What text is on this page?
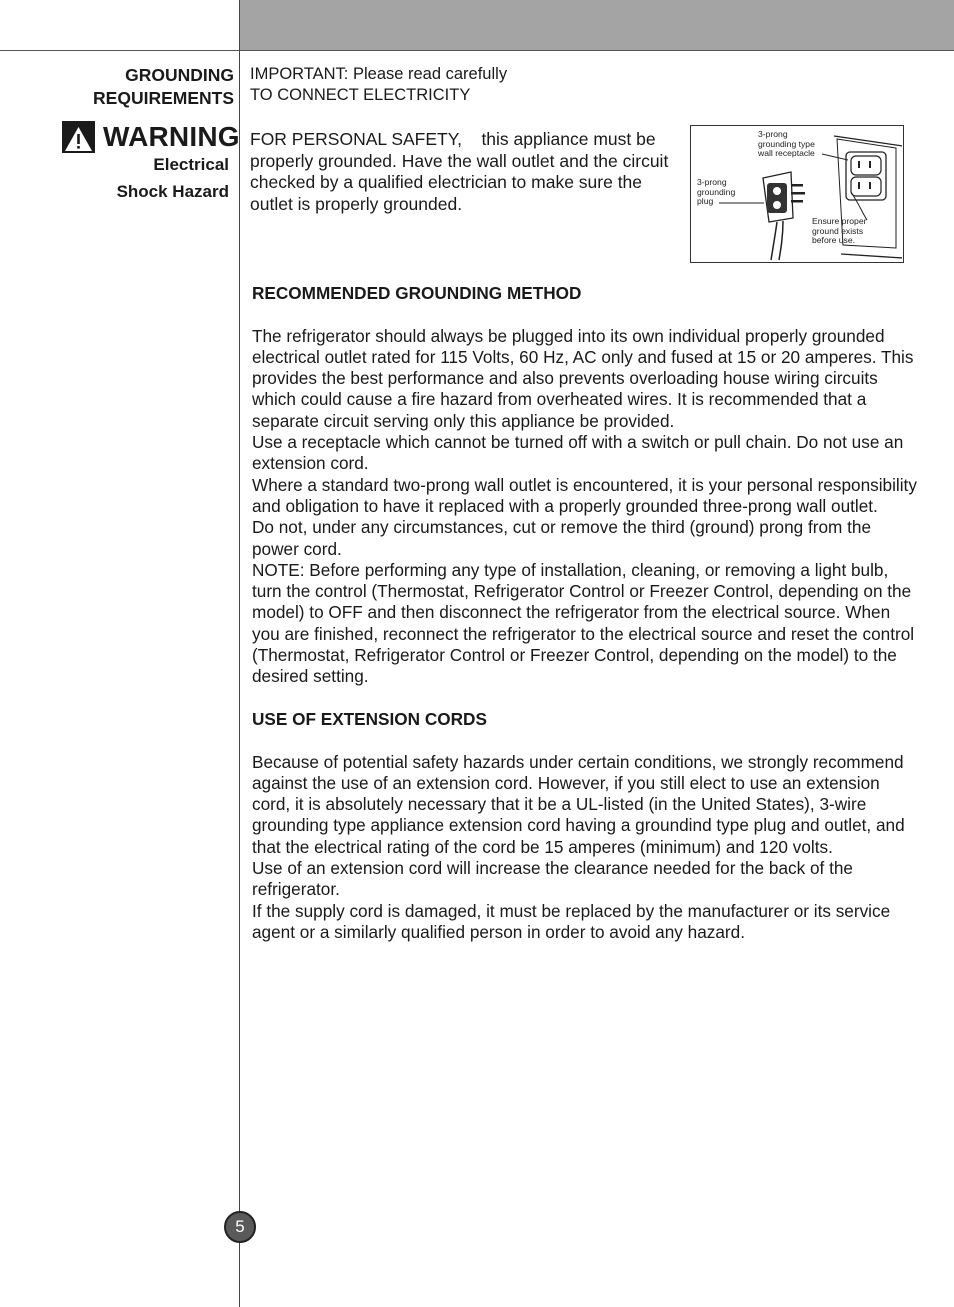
GROUNDING
REQUIREMENTS
WARNING
Electrical
Shock Hazard
IMPORTANT: Please read carefully
TO CONNECT ELECTRICITY
FOR PERSONAL SAFETY,    this appliance must be properly grounded. Have the wall outlet and the circuit checked by a qualified electrician to make sure the outlet is properly grounded.
3-prong grounding type wall receptacle
3-prong grounding plug
Ensure proper ground exists before use.

RECOMMENDED GROUNDING METHOD

The refrigerator should always be plugged into its own individual properly grounded electrical outlet rated for 115 Volts, 60 Hz, AC only and fused at 15 or 20 amperes. This provides the best performance and also prevents overloading house wiring circuits which could cause a fire hazard from overheated wires. It is recommended that a separate circuit serving only this appliance be provided.

Use a receptacle which cannot be turned off with a switch or pull chain. Do not use an extension cord.

Where a standard two-prong wall outlet is encountered, it is your personal responsibility and obligation to have it replaced with a properly grounded three-prong wall outlet.

Do not, under any circumstances, cut or remove the third (ground) prong from the power cord.

NOTE: Before performing any type of installation, cleaning, or removing a light bulb, turn the control (Thermostat, Refrigerator Control or Freezer Control, depending on the model) to OFF and then disconnect the refrigerator from the electrical source. When you are finished, reconnect the refrigerator to the electrical source and reset the control (Thermostat, Refrigerator Control or Freezer Control, depending on the model) to the desired setting.

USE OF EXTENSION CORDS

Because of potential safety hazards under certain conditions, we strongly recommend against the use of an extension cord. However, if you still elect to use an extension cord, it is absolutely necessary that it be a UL-listed (in the United States), 3-wire grounding type appliance extension cord having a groundind type plug and outlet, and that the electrical rating of the cord be 15 amperes (minimum) and 120 volts.

Use of an extension cord will increase the clearance needed for the back of the refrigerator.

If the supply cord is damaged, it must be replaced by the manufacturer or its service agent or a similarly qualified person in order to avoid any hazard.

5
